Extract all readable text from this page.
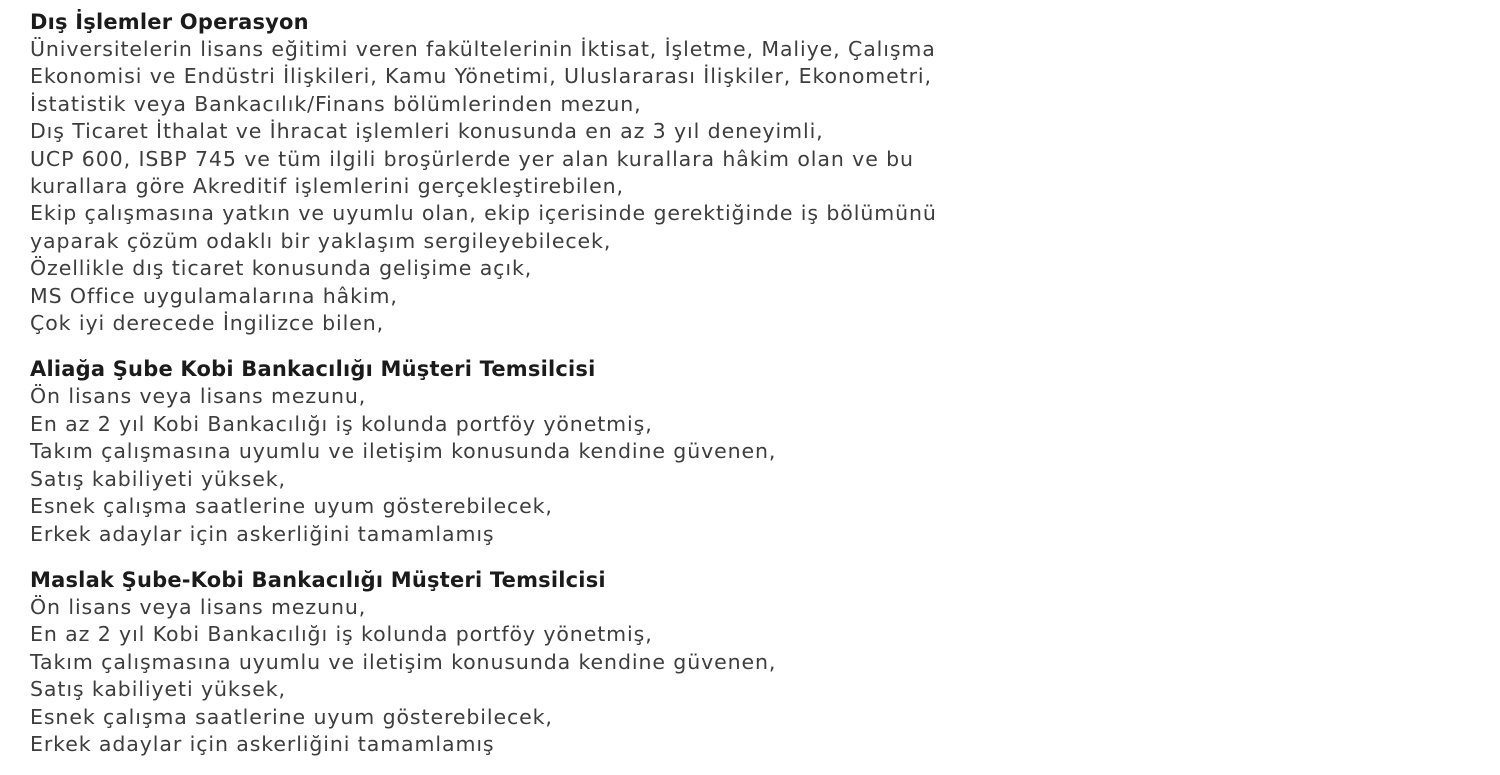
Dış İşlemler Operasyon
Üniversitelerin lisans eğitimi veren fakültelerinin İktisat, İşletme, Maliye, Çalışma
Ekonomisi ve Endüstri İlişkileri, Kamu Yönetimi, Uluslararası İlişkiler, Ekonometri,
İstatistik veya Bankacılık/Finans bölümlerinden mezun,
Dış Ticaret İthalat ve İhracat işlemleri konusunda en az 3 yıl deneyimli,
UCP 600, ISBP 745 ve tüm ilgili broşürlerde yer alan kurallara hâkim olan ve bu
kurallara göre Akreditif işlemlerini gerçekleştirebilen,
Ekip çalışmasına yatkın ve uyumlu olan, ekip içerisinde gerektiğinde iş bölümünü
yaparak çözüm odaklı bir yaklaşım sergileyebilecek,
Özellikle dış ticaret konusunda gelişime açık,
MS Office uygulamalarına hâkim,
Çok iyi derecede İngilizce bilen,
Aliağa Şube Kobi Bankacılığı Müşteri Temsilcisi
Ön lisans veya lisans mezunu,
En az 2 yıl Kobi Bankacılığı iş kolunda portföy yönetmiş,
Takım çalışmasına uyumlu ve iletişim konusunda kendine güvenen,
Satış kabiliyeti yüksek,
Esnek çalışma saatlerine uyum gösterebilecek,
Erkek adaylar için askerliğini tamamlamış
Maslak Şube-Kobi Bankacılığı Müşteri Temsilcisi
Ön lisans veya lisans mezunu,
En az 2 yıl Kobi Bankacılığı iş kolunda portföy yönetmiş,
Takım çalışmasına uyumlu ve iletişim konusunda kendine güvenen,
Satış kabiliyeti yüksek,
Esnek çalışma saatlerine uyum gösterebilecek,
Erkek adaylar için askerliğini tamamlamış
